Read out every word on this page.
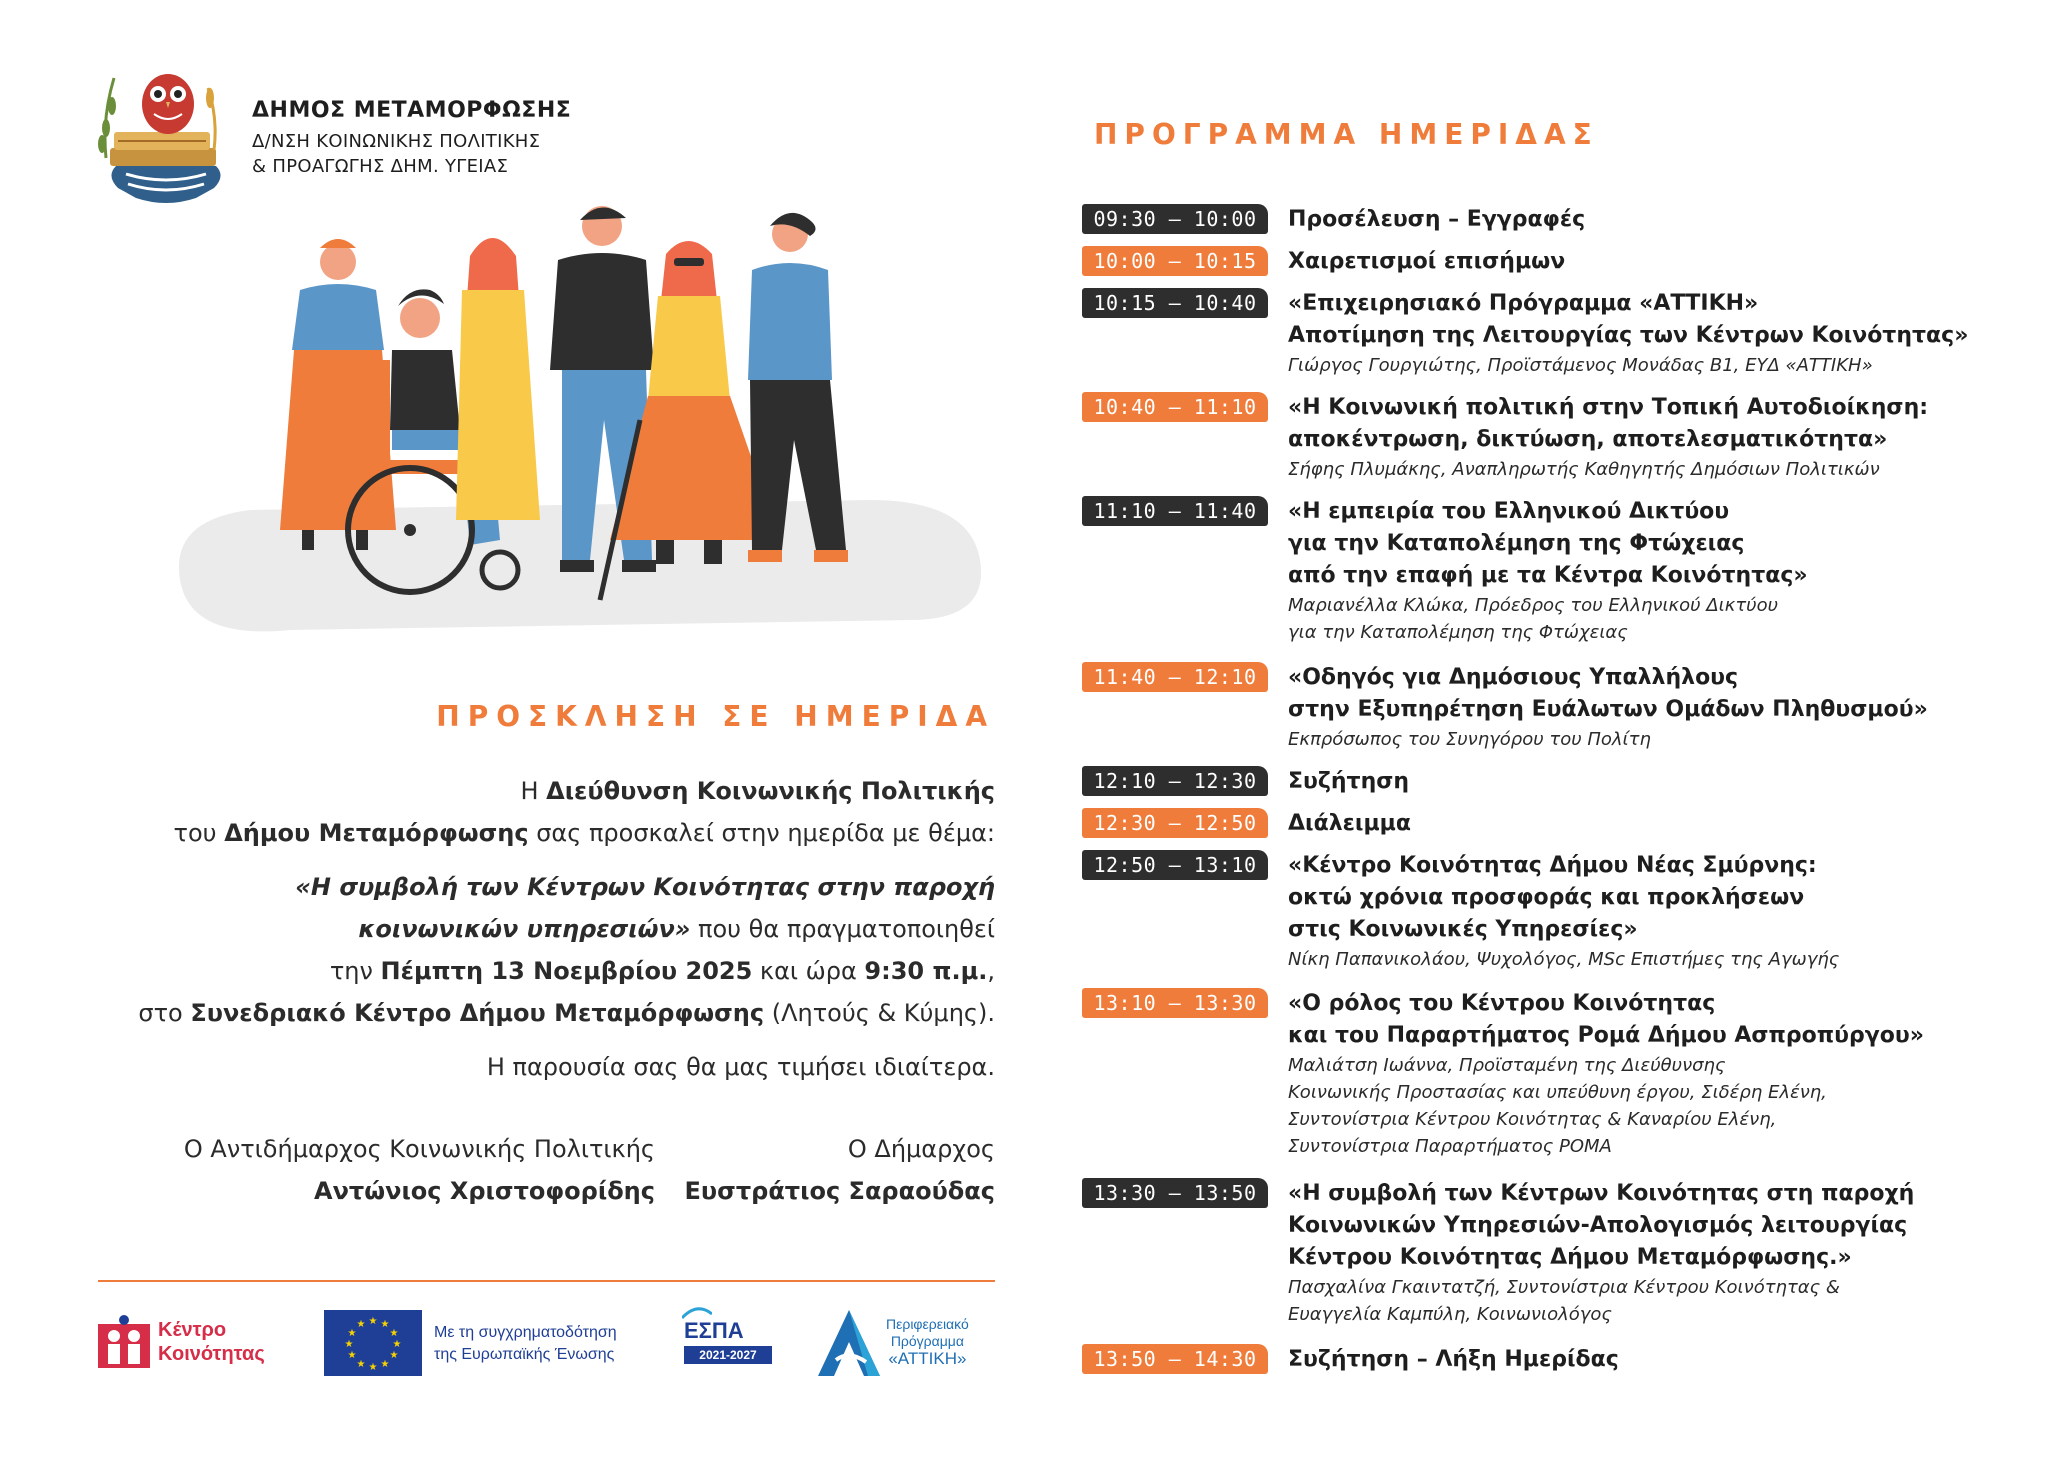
ΔΗΜΟΣ ΜΕΤΑΜΟΡΦΩΣΗΣ
Δ/ΝΣΗ ΚΟΙΝΩΝΙΚΗΣ ΠΟΛΙΤΙΚΗΣ
& ΠΡΟΑΓΩΓΗΣ ΔΗΜ. ΥΓΕΙΑΣ
ΠΡΟΣΚΛΗΣΗ ΣΕ ΗΜΕΡΙΔΑ
Η Διεύθυνση Κοινωνικής Πολιτικής
του Δήμου Μεταμόρφωσης σας προσκαλεί στην ημερίδα με θέμα:
«Η συμβολή των Κέντρων Κοινότητας στην παροχή
κοινωνικών υπηρεσιών» που θα πραγματοποιηθεί
την Πέμπτη 13 Νοεμβρίου 2025 και ώρα 9:30 π.μ.,
στο Συνεδριακό Κέντρο Δήμου Μεταμόρφωσης (Λητούς & Κύμης).
Η παρουσία σας θα μας τιμήσει ιδιαίτερα.
Ο Αντιδήμαρχος Κοινωνικής Πολιτικής
Αντώνιος Χριστοφορίδης
Ο Δήμαρχος
Ευστράτιος Σαραούδας
Κέντρο
Κοινότητας
★ ★
★
★
★
★
★
★
★
★
★
★	Με τη συγχρηματοδότηση
της Ευρωπαϊκής Ένωσης
ΕΣΠΑ
2021-2027
Περιφερειακό
Πρόγραμμα
«ΑΤΤΙΚΗ»
ΠΡΟΓΡΑΜΜΑ ΗΜΕΡΙΔΑΣ
09:30 – 10:00	Προσέλευση – Εγγραφές
10:00 – 10:15	Χαιρετισμοί επισήμων
10:15 – 10:40	«Επιχειρησιακό Πρόγραμμα «ΑΤΤΙΚΗ»
Αποτίμηση της Λειτουργίας των Κέντρων Κοινότητας»
Γιώργος Γουργιώτης, Προϊστάμενος Μονάδας Β1, ΕΥΔ «ΑΤΤΙΚΗ»
10:40 – 11:10	«Η Κοινωνική πολιτική στην Τοπική Αυτοδιοίκηση:
αποκέντρωση, δικτύωση, αποτελεσματικότητα»
Σήφης Πλυμάκης, Αναπληρωτής Καθηγητής Δημόσιων Πολιτικών
11:10 – 11:40	«Η εμπειρία του Ελληνικού Δικτύου
για την Καταπολέμηση της Φτώχειας
από την επαφή με τα Κέντρα Κοινότητας»
Μαριανέλλα Κλώκα, Πρόεδρος του Ελληνικού Δικτύου
για την Καταπολέμηση της Φτώχειας
11:40 – 12:10	«Οδηγός για Δημόσιους Υπαλλήλους
στην Εξυπηρέτηση Ευάλωτων Ομάδων Πληθυσμού»
Εκπρόσωπος του Συνηγόρου του Πολίτη
12:10 – 12:30	Συζήτηση
12:30 – 12:50	Διάλειμμα
12:50 – 13:10	«Κέντρο Κοινότητας Δήμου Νέας Σμύρνης:
οκτώ χρόνια προσφοράς και προκλήσεων
στις Κοινωνικές Υπηρεσίες»
Νίκη Παπανικολάου, Ψυχολόγος, MSc Επιστήμες της Αγωγής
13:10 – 13:30	«Ο ρόλος του Κέντρου Κοινότητας
και του Παραρτήματος Ρομά Δήμου Ασπροπύργου»
Μαλιάτση Ιωάννα, Προϊσταμένη της Διεύθυνσης
Κοινωνικής Προστασίας και υπεύθυνη έργου, Σιδέρη Ελένη,
Συντονίστρια Κέντρου Κοινότητας & Καναρίου Ελένη,
Συντονίστρια Παραρτήματος ΡΟΜΑ
13:30 – 13:50	«Η συμβολή των Κέντρων Κοινότητας στη παροχή
Κοινωνικών Υπηρεσιών-Απολογισμός λειτουργίας
Κέντρου Κοινότητας Δήμου Μεταμόρφωσης.»
Πασχαλίνα Γκαιντατζή, Συντονίστρια Κέντρου Κοινότητας &
Ευαγγελία Καμπύλη, Κοινωνιολόγος
13:50 – 14:30	Συζήτηση – Λήξη Ημερίδας
